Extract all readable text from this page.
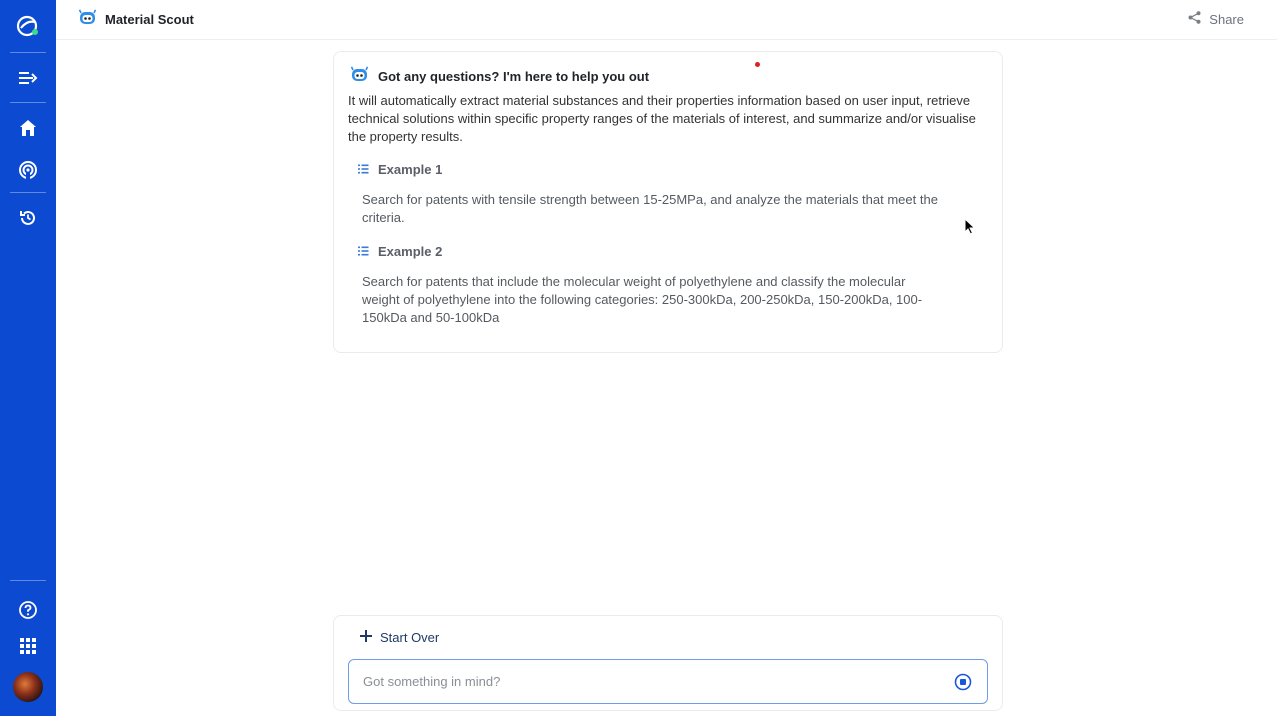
Material Scout	Share
Got any questions? I'm here to help you out
It will automatically extract material substances and their properties information based on user input, retrieve technical solutions within specific property ranges of the materials of interest, and summarize and/or visualise the property results.
Example 1
Search for patents with tensile strength between 15-25MPa, and analyze the materials that meet the criteria.
Example 2
Search for patents that include the molecular weight of polyethylene and classify the molecular weight of polyethylene into the following categories: 250-300kDa, 200-250kDa, 150-200kDa, 100-150kDa and 50-100kDa
Start Over
Got something in mind?
